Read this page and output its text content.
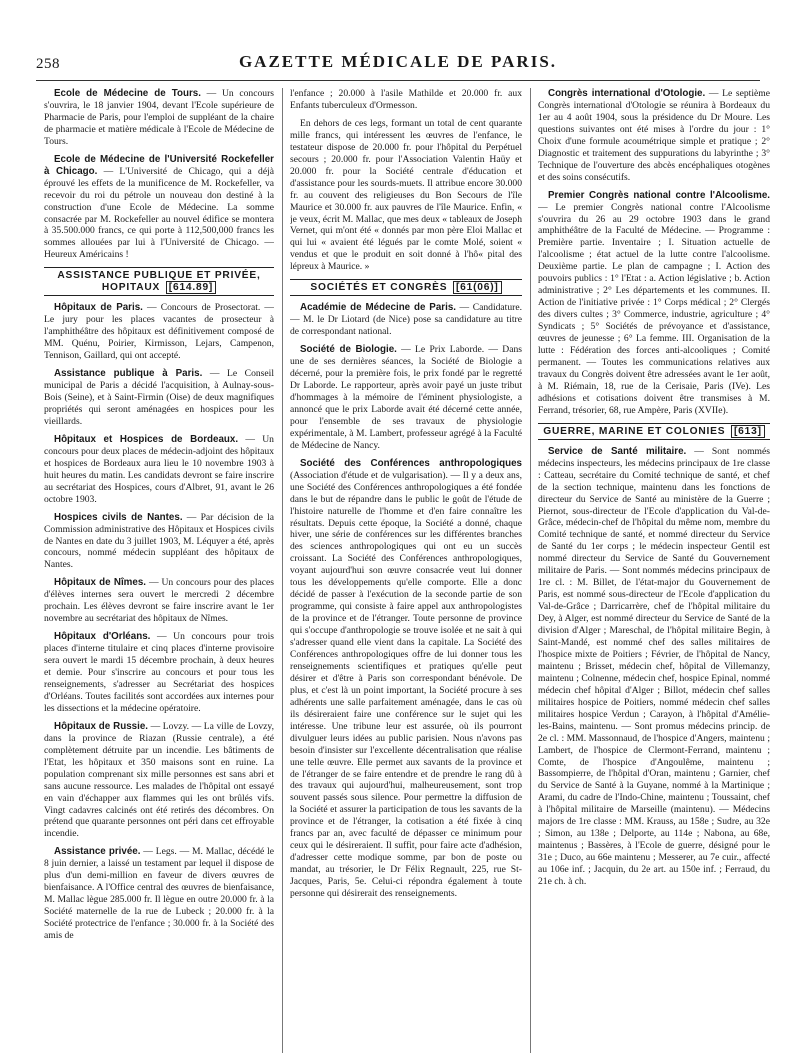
258	GAZETTE MÉDICALE DE PARIS.

Ecole de Médecine de Tours. — Un concours s'ouvrira, le 18 janvier 1904, devant l'Ecole supérieure de Pharmacie de Paris, pour l'emploi de suppléant de la chaire de pharmacie et matière médicale à l'Ecole de Médecine de Tours.

Ecole de Médecine de l'Université Rockefeller à Chicago. — L'Université de Chicago, qui a déjà éprouvé les effets de la munificence de M. Rockefeller, va recevoir du roi du pétrole un nouveau don destiné à la construction d'une Ecole de Médecine. La somme consacrée par M. Rockefeller au nouvel édifice se montera à 35.500.000 francs, ce qui porte à 112,500,000 francs les sommes allouées par lui à l'Université de Chicago. — Heureux Américains !

ASSISTANCE PUBLIQUE ET PRIVÉE,
HOPITAUX [614.89]

Hôpitaux de Paris. — Concours de Prosectorat. — Le jury pour les places vacantes de prosecteur à l'amphithéâtre des hôpitaux est définitivement composé de MM. Quénu, Poirier, Kirmisson, Lejars, Campenon, Tennison, Gaillard, qui ont accepté.

Assistance publique à Paris. — Le Conseil municipal de Paris a décidé l'acquisition, à Aulnay-sous-Bois (Seine), et à Saint-Firmin (Oise) de deux magnifiques propriétés qui seront aménagées en hospices pour les vieillards.

Hôpitaux et Hospices de Bordeaux. — Un concours pour deux places de médecin-adjoint des hôpitaux et hospices de Bordeaux aura lieu le 10 novembre 1903 à huit heures du matin. Les candidats devront se faire inscrire au secrétariat des Hospices, cours d'Albret, 91, avant le 26 octobre 1903.

Hospices civils de Nantes. — Par décision de la Commission administrative des Hôpitaux et Hospices civils de Nantes en date du 3 juillet 1903, M. Léquyer a été, après concours, nommé médecin suppléant des hôpitaux de Nantes.

Hôpitaux de Nîmes. — Un concours pour des places d'élèves internes sera ouvert le mercredi 2 décembre prochain. Les élèves devront se faire inscrire avant le 1er novembre au secrétariat des hôpitaux de Nîmes.

Hôpitaux d'Orléans. — Un concours pour trois places d'interne titulaire et cinq places d'interne provisoire sera ouvert le mardi 15 décembre prochain, à deux heures et demie. Pour s'inscrire au concours et pour tous les renseignements, s'adresser au Secrétariat des hospices d'Orléans. Toutes facilités sont accordées aux internes pour les dissections et la médecine opératoire.

Hôpitaux de Russie. — Lovzy. — La ville de Lovzy, dans la province de Riazan (Russie centrale), a été complètement détruite par un incendie. Les bâtiments de l'Etat, les hôpitaux et 350 maisons sont en ruine. La population comprenant six mille personnes est sans abri et sans aucune ressource. Les malades de l'hôpital ont essayé en vain d'échapper aux flammes qui les ont brûlés vifs. Vingt cadavres calcinés ont été retirés des décombres. On prétend que quarante personnes ont péri dans cet effroyable incendie.

Assistance privée. — Legs. — M. Mallac, décédé le 8 juin dernier, a laissé un testament par lequel il dispose de plus d'un demi-million en faveur de divers œuvres de bienfaisance. A l'Office central des œuvres de bienfaisance, M. Mallac lègue 285.000 fr. Il lègue en outre 20.000 fr. à la Société maternelle de la rue de Lubeck ; 20.000 fr. à la Société protectrice de l'enfance ; 30.000 fr. à la Société des amis de

l'enfance ; 20.000 à l'asile Mathilde et 20.000 fr. aux Enfants tuberculeux d'Ormesson.

En dehors de ces legs, formant un total de cent quarante mille francs, qui intéressent les œuvres de l'enfance, le testateur dispose de 20.000 fr. pour l'hôpital du Perpétuel secours ; 20.000 fr. pour l'Association Valentin Haüy et 20.000 fr. pour la Société centrale d'éducation et d'assistance pour les sourds-muets. Il attribue encore 30.000 fr. au couvent des religieuses du Bon Secours de l'île Maurice et 30.000 fr. aux pauvres de l'île Maurice. Enfin, « je veux, écrit M. Mallac, que mes deux « tableaux de Joseph Vernet, qui m'ont été « donnés par mon père Eloi Mallac et qui lui « avaient été légués par le comte Molé, soient « vendus et que le produit en soit donné à l'hô« pital des lépreux à Maurice. »

SOCIÉTÉS ET CONGRÈS [61(06)]

Académie de Médecine de Paris. — Candidature. — M. le Dr Liotard (de Nice) pose sa candidature au titre de correspondant national.

Société de Biologie. — Le Prix Laborde. — Dans une de ses dernières séances, la Société de Biologie a décerné, pour la première fois, le prix fondé par le regretté Dr Laborde. Le rapporteur, après avoir payé un juste tribut d'hommages à la mémoire de l'éminent physiologiste, a annoncé que le prix Laborde avait été décerné cette année, pour l'ensemble de ses travaux de physiologie expérimentale, à M. Lambert, professeur agrégé à la Faculté de Médecine de Nancy.

Société des Conférences anthropologiques (Association d'étude et de vulgarisation). — Il y a deux ans, une Société des Conférences anthropologiques a été fondée dans le but de répandre dans le public le goût de l'étude de l'histoire naturelle de l'homme et d'en faire connaître les résultats. Depuis cette époque, la Société a donné, chaque hiver, une série de conférences sur les différentes branches des sciences anthropologiques qui ont eu un succès croissant. La Société des Conférences anthropologiques, voyant aujourd'hui son œuvre consacrée veut lui donner tous les développements qu'elle comporte. Elle a donc décidé de passer à l'exécution de la seconde partie de son programme, qui consiste à faire appel aux anthropologistes de la province et de l'étranger. Toute personne de province qui s'occupe d'anthropologie se trouve isolée et ne sait à qui s'adresser quand elle vient dans la capitale. La Société des Conférences anthropologiques offre de lui donner tous les renseignements scientifiques et pratiques qu'elle peut désirer et d'être à Paris son correspondant bénévole. De plus, et c'est là un point important, la Société procure à ses adhérents une salle parfaitement aménagée, dans le cas où ils désireraient faire une conférence sur le sujet qui les intéresse. Une tribune leur est assurée, où ils pourront divulguer leurs idées au public parisien. Nous n'avons pas besoin d'insister sur l'excellente décentralisation que réalise une telle œuvre. Elle permet aux savants de la province et de l'étranger de se faire entendre et de prendre le rang dû à des travaux qui aujourd'hui, malheureusement, sont trop souvent passés sous silence. Pour permettre la diffusion de la Société et assurer la participation de tous les savants de la province et de l'étranger, la cotisation a été fixée à cinq francs par an, avec faculté de dépasser ce minimum pour ceux qui le désireraient. Il suffit, pour faire acte d'adhésion, d'adresser cette modique somme, par bon de poste ou mandat, au trésorier, le Dr Félix Regnault, 225, rue St-Jacques, Paris, 5e. Celui-ci répondra également à toute personne qui désirerait des renseignements.

Congrès international d'Otologie. — Le septième Congrès international d'Otologie se réunira à Bordeaux du 1er au 4 août 1904, sous la présidence du Dr Moure. Les questions suivantes ont été mises à l'ordre du jour : 1° Choix d'une formule acoumétrique simple et pratique ; 2° Diagnostic et traitement des suppurations du labyrinthe ; 3° Technique de l'ouverture des abcès encéphaliques otogènes et des soins consécutifs.

Premier Congrès national contre l'Alcoolisme. — Le premier Congrès national contre l'Alcoolisme s'ouvrira du 26 au 29 octobre 1903 dans le grand amphithéâtre de la Faculté de Médecine. — Programme : Première partie. Inventaire ; I. Situation actuelle de l'alcoolisme ; état actuel de la lutte contre l'alcoolisme. Deuxième partie. Le plan de campagne ; I. Action des pouvoirs publics : 1° l'Etat : a. Action législative ; b. Action administrative ; 2° Les départements et les communes. II. Action de l'initiative privée : 1° Corps médical ; 2° Clergés des divers cultes ; 3° Commerce, industrie, agriculture ; 4° Syndicats ; 5° Sociétés de prévoyance et d'assistance, œuvres de jeunesse ; 6° La femme. III. Organisation de la lutte : Fédération des forces anti-alcooliques ; Comité permanent. — Toutes les communications relatives aux travaux du Congrès doivent être adressées avant le 1er août, à M. Riémain, 18, rue de la Cerisaie, Paris (IVe). Les adhésions et cotisations doivent être transmises à M. Ferrand, trésorier, 68, rue Ampère, Paris (XVIIe).

GUERRE, MARINE ET COLONIES [613]

Service de Santé militaire. — Sont nommés médecins inspecteurs, les médecins principaux de 1re classe : Catteau, secrétaire du Comité technique de santé, et chef de la section technique, maintenu dans les fonctions de directeur du Service de Santé au ministère de la Guerre ; Piernot, sous-directeur de l'Ecole d'application du Val-de-Grâce, médecin-chef de l'hôpital du même nom, membre du Comité technique de santé, et nommé directeur du Service de Santé du 1er corps ; le médecin inspecteur Gentil est nommé directeur du Service de Santé du Gouvernement militaire de Paris. — Sont nommés médecins principaux de 1re cl. : M. Billet, de l'état-major du Gouvernement de Paris, est nommé sous-directeur de l'Ecole d'application du Val-de-Grâce ; Darricarrère, chef de l'hôpital militaire du Dey, à Alger, est nommé directeur du Service de Santé de la division d'Alger ; Mareschal, de l'hôpital militaire Begin, à Saint-Mandé, est nommé chef des salles militaires de l'hospice mixte de Poitiers ; Février, de l'hôpital de Nancy, maintenu ; Brisset, médecin chef, hôpital de Villemanzy, maintenu ; Colnenne, médecin chef, hospice Epinal, nommé médecin chef hôpital d'Alger ; Billot, médecin chef salles militaires hospice de Poitiers, nommé médecin chef salles militaires hospice Verdun ; Carayon, à l'hôpital d'Amélie-les-Bains, maintenu. — Sont promus médecins princip. de 2e cl. : MM. Massonnaud, de l'hospice d'Angers, maintenu ; Lambert, de l'hospice de Clermont-Ferrand, maintenu ; Comte, de l'hospice d'Angoulême, maintenu ; Bassompierre, de l'hôpital d'Oran, maintenu ; Garnier, chef du Service de Santé à la Guyane, nommé à la Martinique ; Arami, du cadre de l'Indo-Chine, maintenu ; Toussaint, chef à l'hôpital militaire de Marseille (maintenu). — Médecins majors de 1re classe : MM. Krauss, au 158e ; Sudre, au 32e ; Simon, au 138e ; Delporte, au 114e ; Nabona, au 68e, maintenus ; Bassères, à l'Ecole de guerre, désigné pour le 31e ; Duco, au 66e maintenu ; Messerer, au 7e cuir., affecté au 106e inf. ; Jacquin, du 2e art. au 150e inf. ; Ferraud, du 21e ch. à ch.
